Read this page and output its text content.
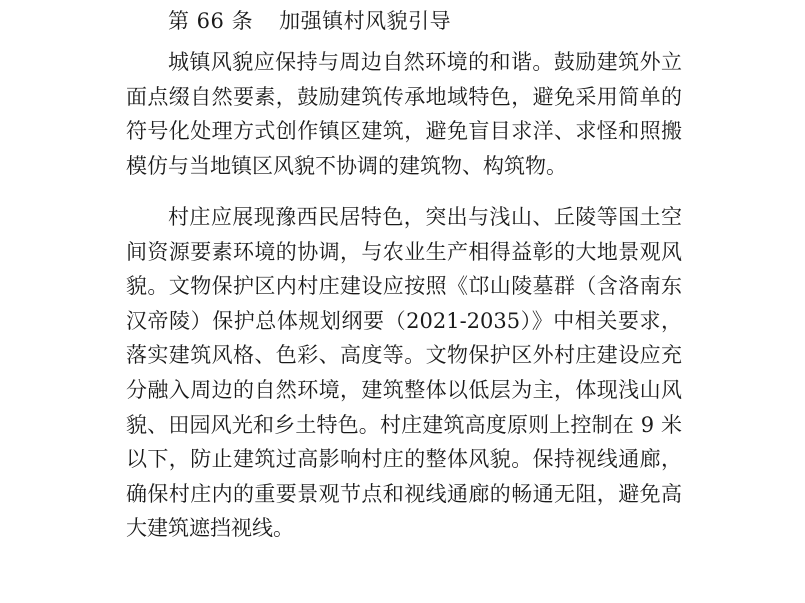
第 66 条 加强镇村风貌引导

城镇风貌应保持与周边自然环境的和谐。鼓励建筑外立面点缀自然要素，鼓励建筑传承地域特色，避免采用简单的符号化处理方式创作镇区建筑，避免盲目求洋、求怪和照搬模仿与当地镇区风貌不协调的建筑物、构筑物。

村庄应展现豫西民居特色，突出与浅山、丘陵等国土空间资源要素环境的协调，与农业生产相得益彰的大地景观风貌。文物保护区内村庄建设应按照《邙山陵墓群（含洛南东汉帝陵）保护总体规划纲要（2021-2035）》中相关要求，落实建筑风格、色彩、高度等。文物保护区外村庄建设应充分融入周边的自然环境，建筑整体以低层为主，体现浅山风貌、田园风光和乡土特色。村庄建筑高度原则上控制在 9 米以下，防止建筑过高影响村庄的整体风貌。保持视线通廊，确保村庄内的重要景观节点和视线通廊的畅通无阻，避免高大建筑遮挡视线。
